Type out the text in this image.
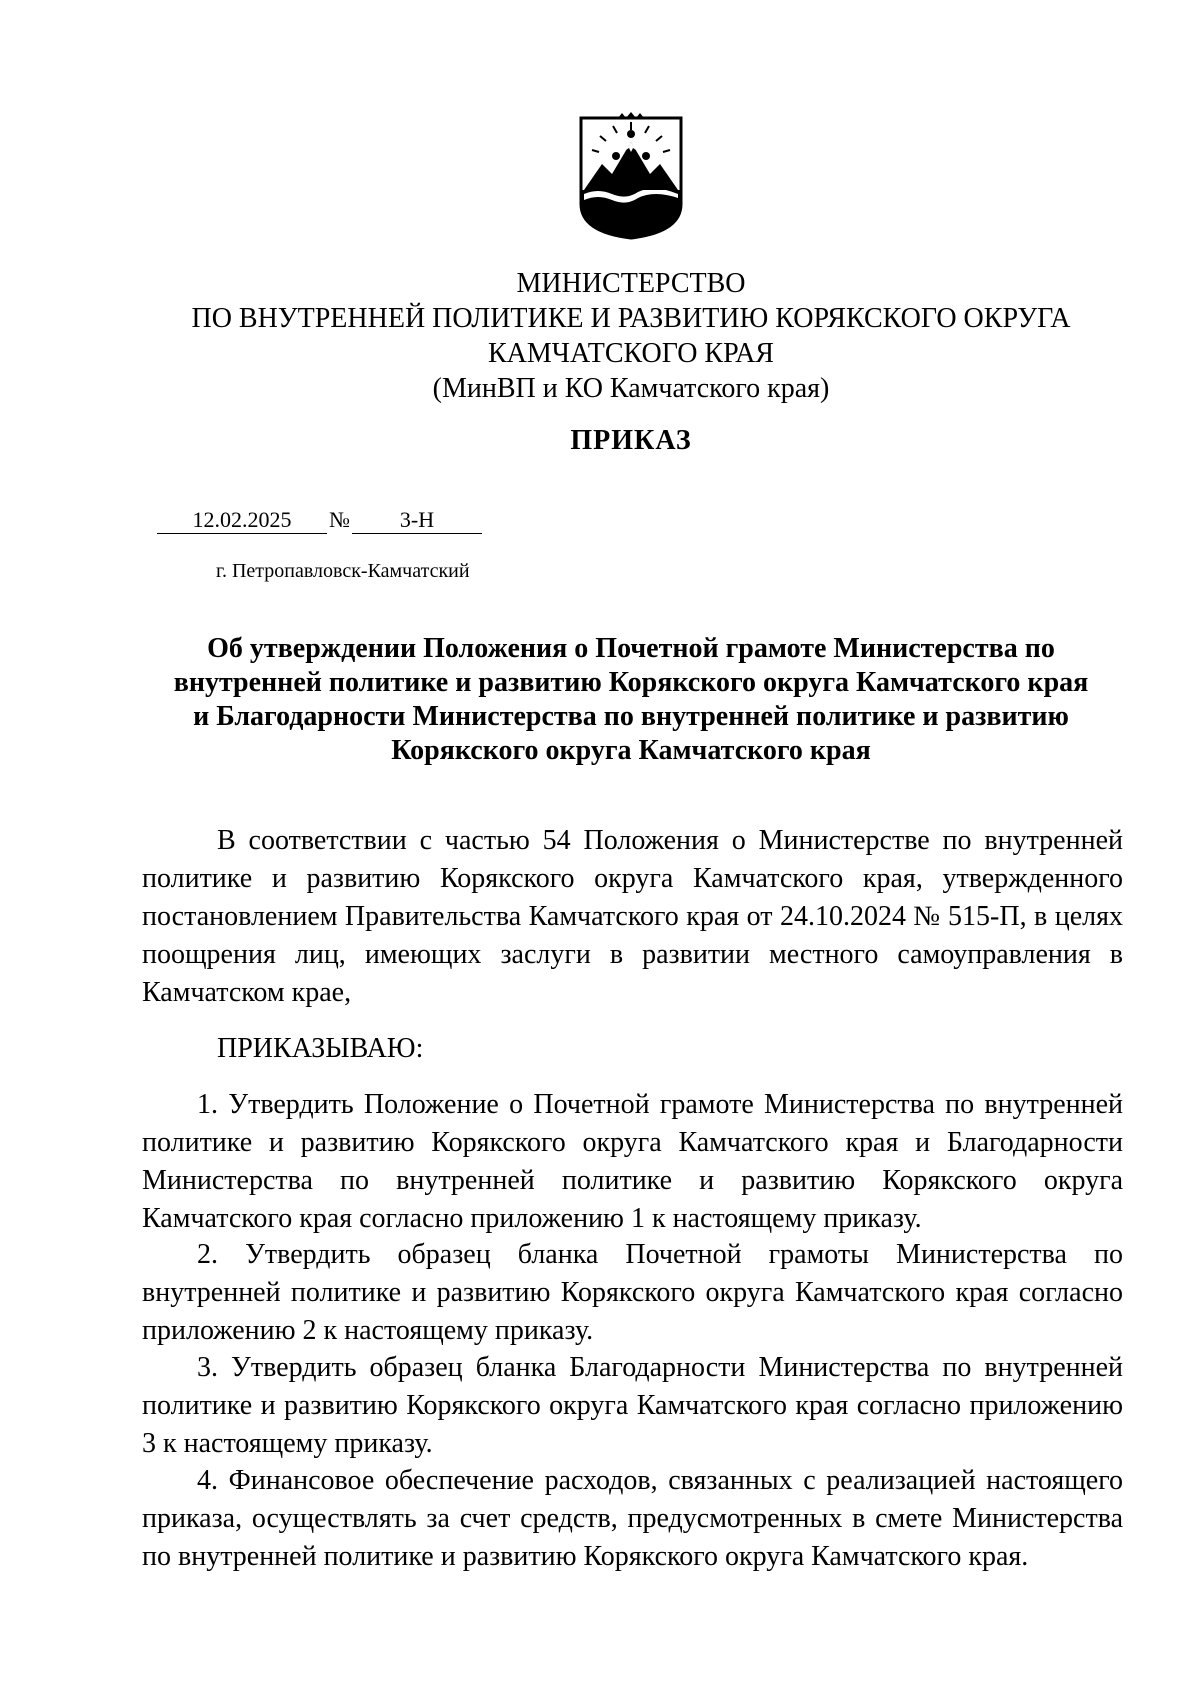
МИНИСТЕРСТВО
ПО ВНУТРЕННЕЙ ПОЛИТИКЕ И РАЗВИТИЮ КОРЯКСКОГО ОКРУГА
КАМЧАТСКОГО КРАЯ
(МинВП и КО Камчатского края)
ПРИКАЗ
12.02.2025 № 3-Н
г. Петропавловск-Камчатский
Об утверждении Положения о Почетной грамоте Министерства по
внутренней политике и развитию Корякского округа Камчатского края
и Благодарности Министерства по внутренней политике и развитию
Корякского округа Камчатского края

В соответствии с частью 54 Положения о Министерстве по внутренней политике и развитию Корякского округа Камчатского края, утвержденного постановлением Правительства Камчатского края от 24.10.2024 № 515-П, в целях поощрения лиц, имеющих заслуги в развитии местного самоуправления в Камчатском крае,

ПРИКАЗЫВАЮ:

1. Утвердить Положение о Почетной грамоте Министерства по внутренней политике и развитию Корякского округа Камчатского края и Благодарности Министерства по внутренней политике и развитию Корякского округа Камчатского края согласно приложению 1 к настоящему приказу.

2. Утвердить образец бланка Почетной грамоты Министерства по внутренней политике и развитию Корякского округа Камчатского края согласно приложению 2 к настоящему приказу.

3. Утвердить образец бланка Благодарности Министерства по внутренней политике и развитию Корякского округа Камчатского края согласно приложению 3 к настоящему приказу.

4. Финансовое обеспечение расходов, связанных с реализацией настоящего приказа, осуществлять за счет средств, предусмотренных в смете Министерства по внутренней политике и развитию Корякского округа Камчатского края.
